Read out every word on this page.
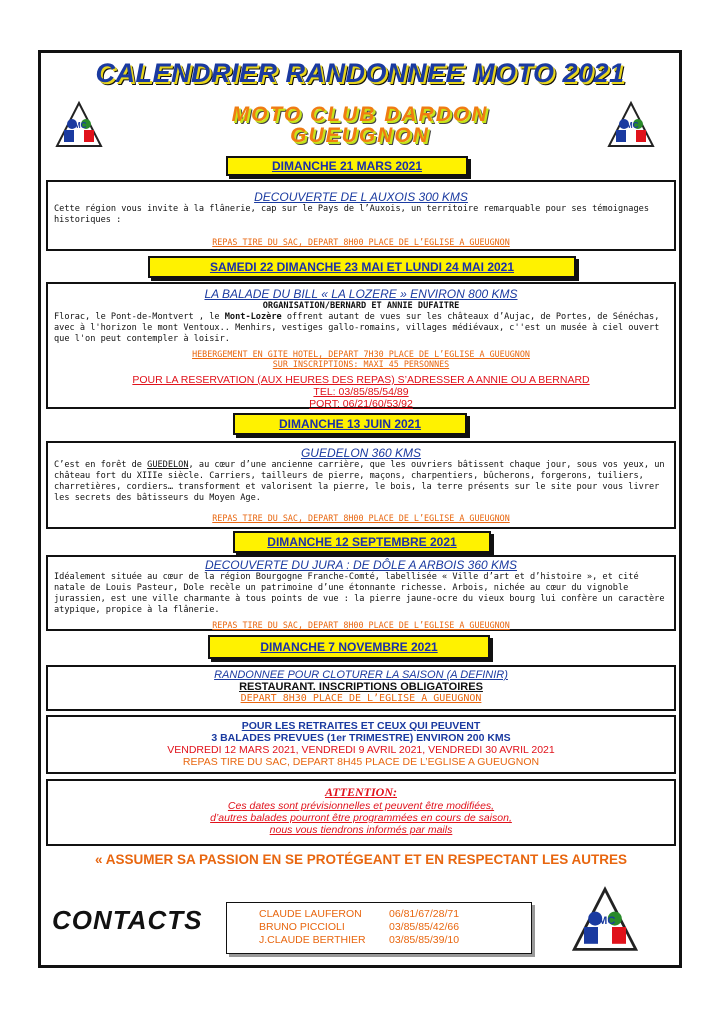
CALENDRIER RANDONNEE MOTO 2021
MC	MC
MOTO CLUB DARDON
GUEUGNON
DIMANCHE 21 MARS 2021
DECOUVERTE DE L AUXOIS 300 KMS
Cette région vous invite à la flânerie, cap sur le Pays de l’Auxois, un territoire remarquable pour ses témoignages historiques :
REPAS TIRE DU SAC, DEPART 8H00 PLACE DE L’EGLISE A GUEUGNON
SAMEDI 22 DIMANCHE 23 MAI ET LUNDI 24 MAI 2021
LA BALADE DU BILL « LA LOZERE » ENVIRON 800 KMS
ORGANISATION/BERNARD ET ANNIE DUFAITRE
Florac, le Pont-de-Montvert , le Mont-Lozère offrent autant de vues sur les châteaux d’Aujac, de Portes, de Sénéchas, avec à l'horizon le mont Ventoux.. Menhirs, vestiges gallo-romains, villages médiévaux, c''est un musée à ciel ouvert que l'on peut contempler à loisir.
HEBERGEMENT EN GITE HOTEL, DEPART 7H30 PLACE DE L’EGLISE A GUEUGNON
SUR INSCRIPTIONS: MAXI 45 PERSONNES
POUR LA RESERVATION (AUX HEURES DES REPAS) S’ADRESSER A ANNIE OU A BERNARD
TEL: 03/85/85/54/89
PORT: 06/21/60/53/92
DIMANCHE 13 JUIN 2021
GUEDELON 360 KMS
C’est en forêt de GUEDELON, au cœur d’une ancienne carrière, que les ouvriers bâtissent chaque jour, sous vos yeux, un château fort du XIIIe siècle. Carriers, tailleurs de pierre, maçons, charpentiers, bûcherons, forgerons, tuiliers, charretières, cordiers… transforment et valorisent la pierre, le bois, la terre présents sur le site pour vous livrer les secrets des bâtisseurs du Moyen Age.
REPAS TIRE DU SAC, DEPART 8H00 PLACE DE L’EGLISE A GUEUGNON
DIMANCHE 12 SEPTEMBRE 2021
DECOUVERTE DU JURA : DE DÔLE A ARBOIS 360 KMS
Idéalement située au cœur de la région Bourgogne Franche-Comté, labellisée « Ville d’art et d’histoire », et cité natale de Louis Pasteur, Dole recèle un patrimoine d’une étonnante richesse. Arbois, nichée au cœur du vignoble jurassien, est une ville charmante à tous points de vue : la pierre jaune-ocre du vieux bourg lui confère un caractère atypique, propice à la flânerie.
REPAS TIRE DU SAC, DEPART 8H00 PLACE DE L’EGLISE A GUEUGNON
DIMANCHE 7 NOVEMBRE 2021
RANDONNEE POUR CLOTURER LA SAISON (A DEFINIR)
RESTAURANT. INSCRIPTIONS OBLIGATOIRES
DEPART 8H30 PLACE DE L’EGLISE A GUEUGNON
POUR LES RETRAITES ET CEUX QUI PEUVENT
3 BALADES PREVUES (1er TRIMESTRE) ENVIRON 200 KMS
VENDREDI 12 MARS 2021, VENDREDI 9 AVRIL 2021, VENDREDI 30 AVRIL 2021
REPAS TIRE DU SAC, DEPART 8H45 PLACE DE L’EGLISE A GUEUGNON
ATTENTION:
Ces dates sont prévisionnelles et peuvent être modifiées,
d’autres balades pourront être programmées en cours de saison,
nous vous tiendrons informés par mails
« ASSUMER SA PASSION EN SE PROTÉGEANT ET EN RESPECTANT LES AUTRES
CONTACTS	CLAUDE LAUFERON	06/81/67/28/71
BRUNO PICCIOLI	03/85/85/42/66
J.CLAUDE BERTHIER	03/85/85/39/10
MC
